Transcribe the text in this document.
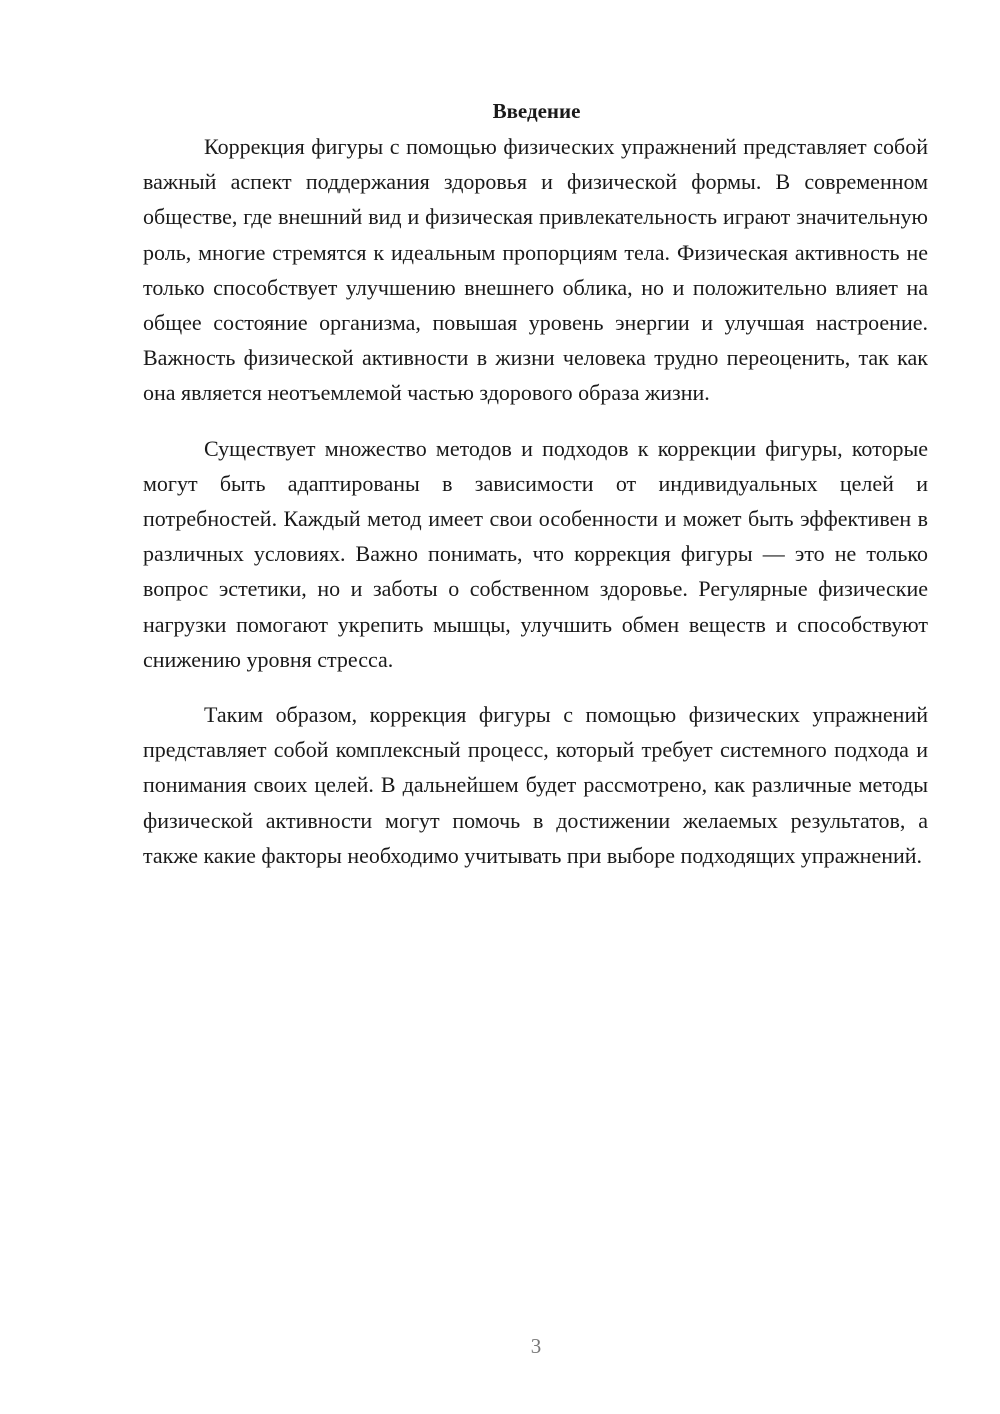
Введение

Коррекция фигуры с помощью физических упражнений представляет собой важный аспект поддержания здоровья и физической формы. В современном обществе, где внешний вид и физическая привлекательность играют значительную роль, многие стремятся к идеальным пропорциям тела. Физическая активность не только способствует улучшению внешнего облика, но и положительно влияет на общее состояние организма, повышая уровень энергии и улучшая настроение. Важность физической активности в жизни человека трудно переоценить, так как она является неотъемлемой частью здорового образа жизни.

Существует множество методов и подходов к коррекции фигуры, которые могут быть адаптированы в зависимости от индивидуальных целей и потребностей. Каждый метод имеет свои особенности и может быть эффективен в различных условиях. Важно понимать, что коррекция фигуры — это не только вопрос эстетики, но и заботы о собственном здоровье. Регулярные физические нагрузки помогают укрепить мышцы, улучшить обмен веществ и способствуют снижению уровня стресса.

Таким образом, коррекция фигуры с помощью физических упражнений представляет собой комплексный процесс, который требует системного подхода и понимания своих целей. В дальнейшем будет рассмотрено, как различные методы физической активности могут помочь в достижении желаемых результатов, а также какие факторы необходимо учитывать при выборе подходящих упражнений.

3
